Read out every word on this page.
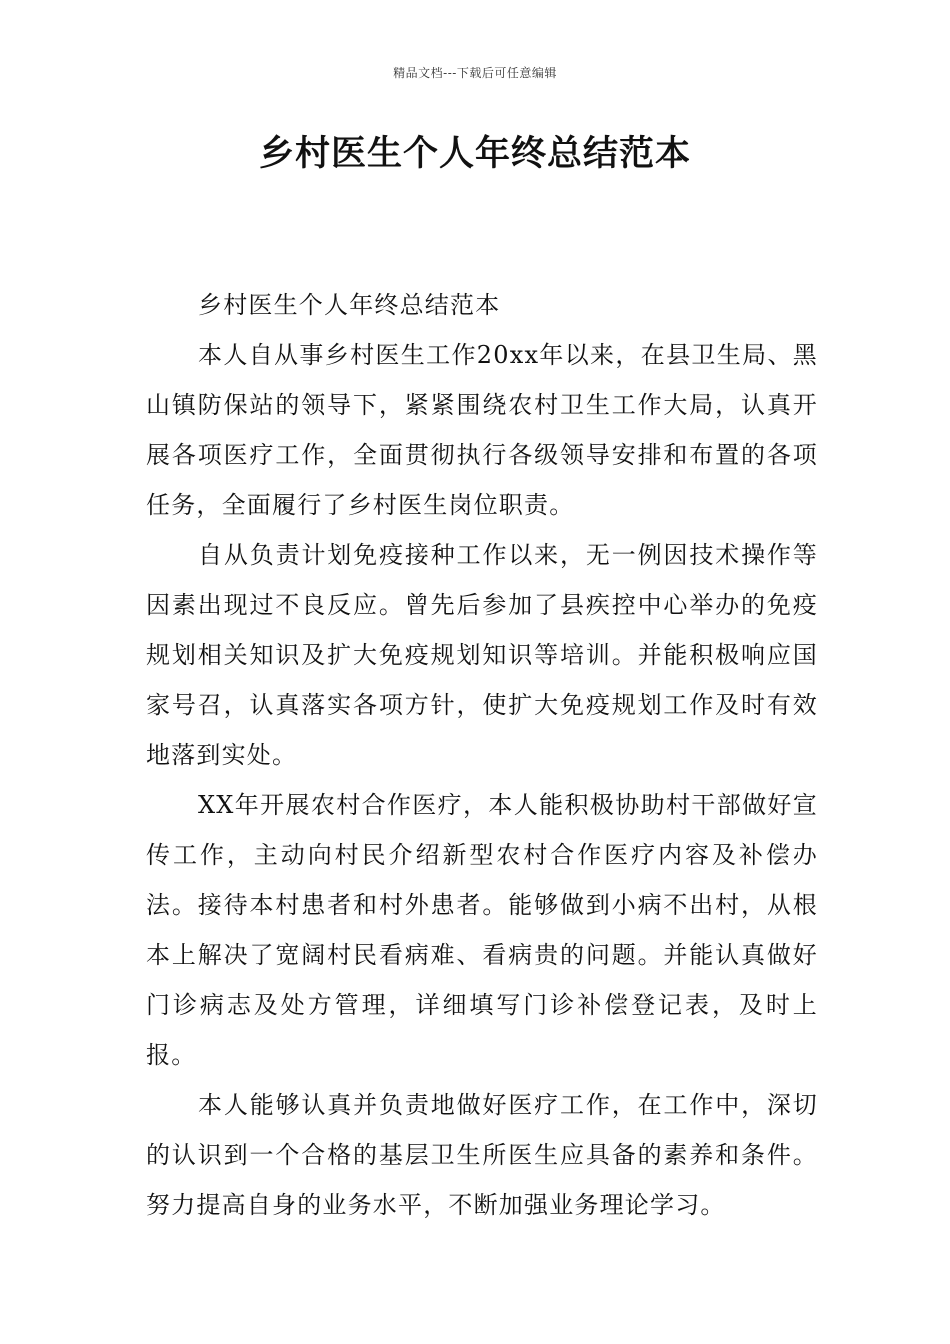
精品文档---下载后可任意编辑
乡村医生个人年终总结范本

乡村医生个人年终总结范本

本人自从事乡村医生工作20xx年以来，在县卫生局、黑山镇防保站的领导下，紧紧围绕农村卫生工作大局，认真开展各项医疗工作，全面贯彻执行各级领导安排和布置的各项任务，全面履行了乡村医生岗位职责。

自从负责计划免疫接种工作以来，无一例因技术操作等因素出现过不良反应。曾先后参加了县疾控中心举办的免疫规划相关知识及扩大免疫规划知识等培训。并能积极响应国家号召，认真落实各项方针，使扩大免疫规划工作及时有效地落到实处。

XX年开展农村合作医疗，本人能积极协助村干部做好宣传工作，主动向村民介绍新型农村合作医疗内容及补偿办法。接待本村患者和村外患者。能够做到小病不出村，从根本上解决了宽阔村民看病难、看病贵的问题。并能认真做好门诊病志及处方管理，详细填写门诊补偿登记表，及时上报。

本人能够认真并负责地做好医疗工作，在工作中，深切的认识到一个合格的基层卫生所医生应具备的素养和条件。努力提高自身的业务水平，不断加强业务理论学习。
